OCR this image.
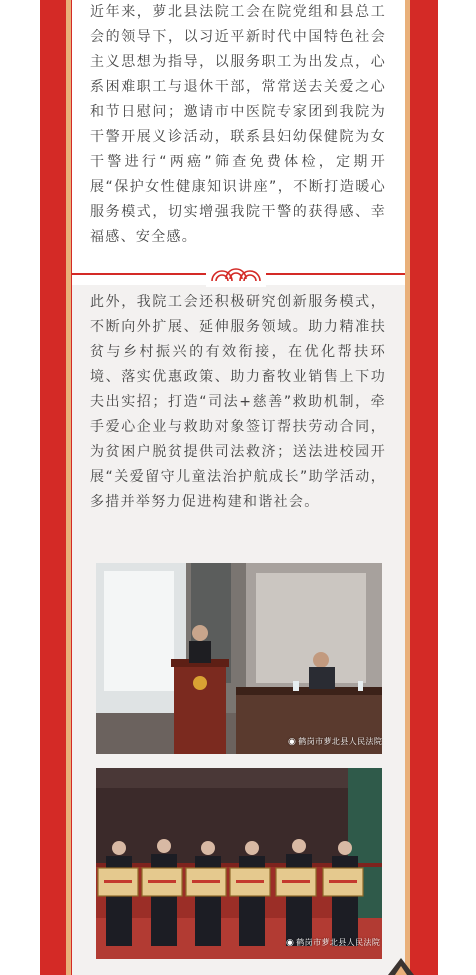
近年来，萝北县法院工会在院党组和县总工会的领导下，以习近平新时代中国特色社会主义思想为指导，以服务职工为出发点，心系困难职工与退休干部，常常送去关爱之心和节日慰问；邀请市中医院专家团到我院为干警开展义诊活动，联系县妇幼保健院为女干警进行“两癌”筛查免费体检，定期开展“保护女性健康知识讲座”，不断打造暖心服务模式，切实增强我院干警的获得感、幸福感、安全感。

此外，我院工会还积极研究创新服务模式，不断向外扩展、延伸服务领域。助力精准扶贫与乡村振兴的有效衔接，在优化帮扶环境、落实优惠政策、助力畜牧业销售上下功夫出实招；打造“司法+慈善”救助机制，牵手爱心企业与救助对象签订帮扶劳动合同，为贫困户脱贫提供司法救济；送法进校园开展“关爱留守儿童法治护航成长”助学活动，多措并举努力促进构建和谐社会。

◉ 鹤岗市萝北县人民法院
◉ 鹤岗市萝北县人民法院
